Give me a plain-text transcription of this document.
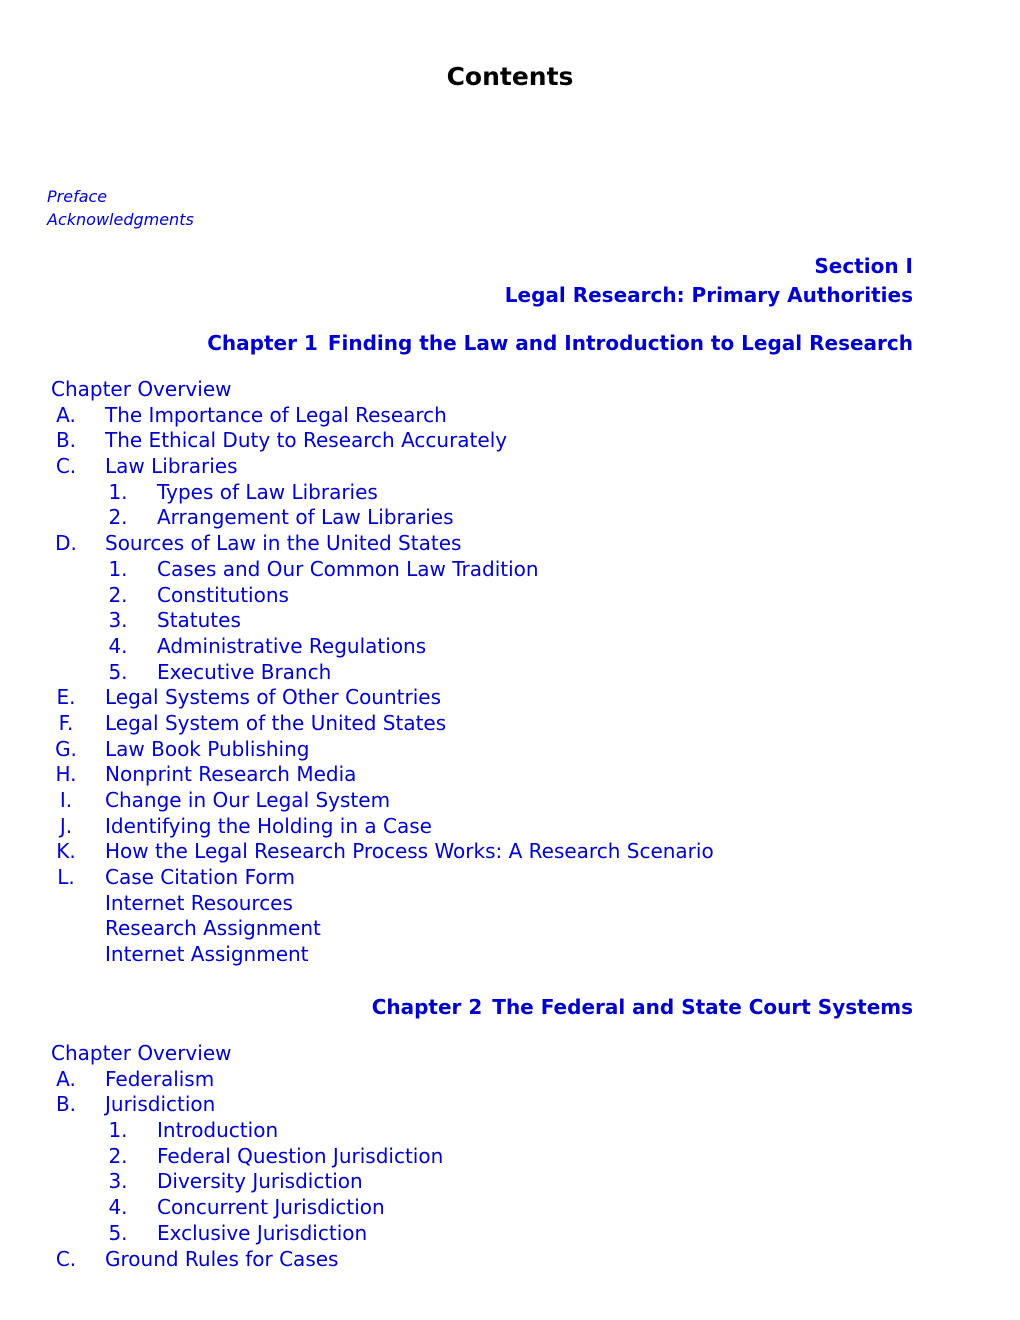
Contents
Preface
Acknowledgments
Section I
Legal Research: Primary Authorities
Chapter 1 Finding the Law and Introduction to Legal Research
Chapter Overview
A. The Importance of Legal Research
B. The Ethical Duty to Research Accurately
C. Law Libraries
1. Types of Law Libraries
2. Arrangement of Law Libraries
D. Sources of Law in the United States
1. Cases and Our Common Law Tradition
2. Constitutions
3. Statutes
4. Administrative Regulations
5. Executive Branch
E. Legal Systems of Other Countries
F.	Legal System of the United States
G. Law Book Publishing
H. Nonprint Research Media
I.	Change in Our Legal System
J.	Identifying the Holding in a Case
K. How the Legal Research Process Works: A Research Scenario
L.	Case Citation Form
Internet Resources
Research Assignment
Internet Assignment
Chapter 2 The Federal and State Court Systems
Chapter Overview
A. Federalism
B. Jurisdiction
1. Introduction
2. Federal Question Jurisdiction
3. Diversity Jurisdiction
4. Concurrent Jurisdiction
5. Exclusive Jurisdiction
C. Ground Rules for Cases
